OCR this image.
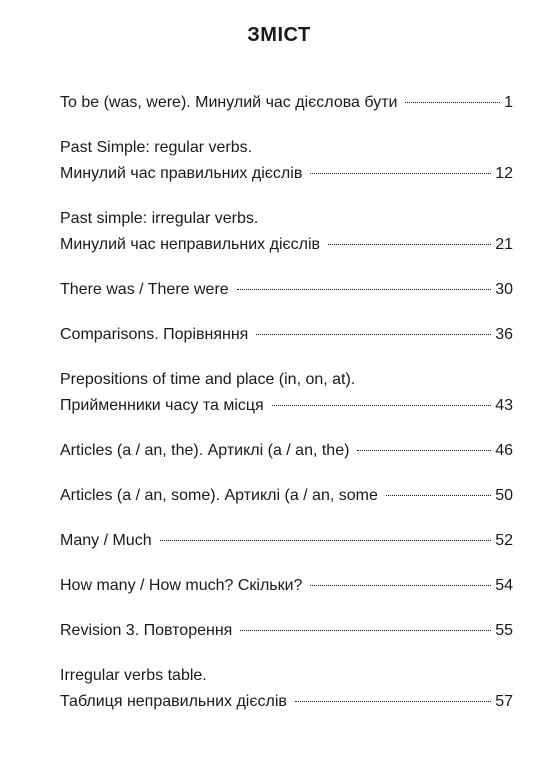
ЗМІСТ
To be (was, were). Минулий час дієслова бути	1
Past Simple: regular verbs.
Минулий час правильних дієслів	12
Past simple: irregular verbs.
Минулий час неправильних дієслів	21
There was / There were	30
Comparisons. Порівняння	36
Prepositions of time and place (in, on, at).
Прийменники часу та місця	43
Articles (a / an, the). Артиклі (a / an, the)	46
Articles (a / an, some). Артиклі (a / an, some	50
Many / Much	52
How many / How much? Скільки?	54
Revision 3. Повторення	55
Irregular verbs table.
Таблиця неправильних дієслів	57
